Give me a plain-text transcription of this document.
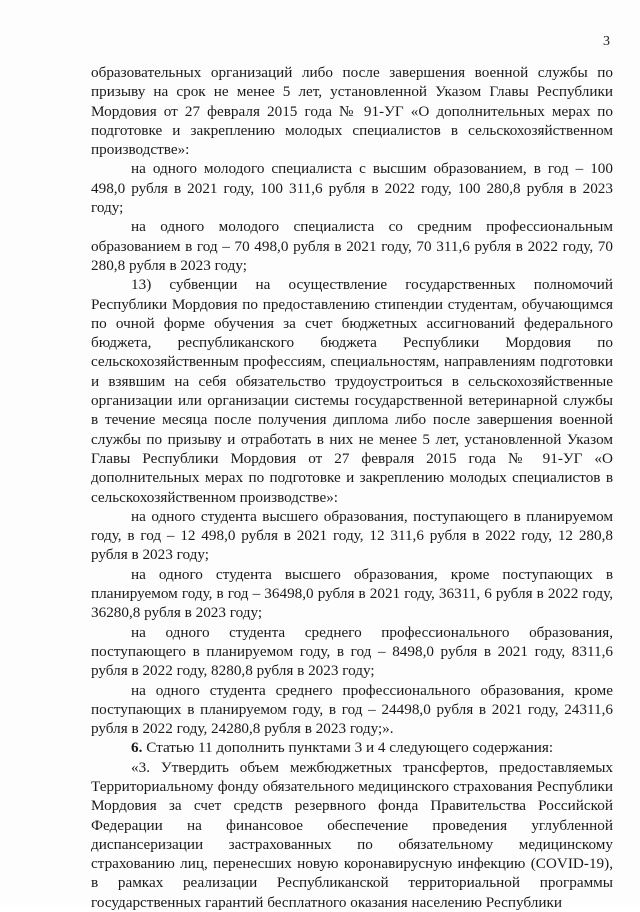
3

образовательных организаций либо после завершения военной службы по призыву на срок не менее 5 лет, установленной Указом Главы Республики Мордовия от 27 февраля 2015 года № 91-УГ «О дополнительных мерах по подготовке и закреплению молодых специалистов в сельскохозяйственном производстве»:

на одного молодого специалиста с высшим образованием, в год – 100 498,0 рубля в 2021 году, 100 311,6 рубля в 2022 году, 100 280,8 рубля в 2023 году;

на одного молодого специалиста со средним профессиональным образованием в год – 70 498,0 рубля в 2021 году, 70 311,6 рубля в 2022 году, 70 280,8 рубля в 2023 году;

13) субвенции на осуществление государственных полномочий Республики Мордовия по предоставлению стипендии студентам, обучающимся по очной форме обучения за счет бюджетных ассигнований федерального бюджета, республиканского бюджета Республики Мордовия по сельскохозяйственным профессиям, специальностям, направлениям подготовки и взявшим на себя обязательство трудоустроиться в сельскохозяйственные организации или организации системы государственной ветеринарной службы в течение месяца после получения диплома либо после завершения военной службы по призыву и отработать в них не менее 5 лет, установленной Указом Главы Республики Мордовия от 27 февраля 2015 года № 91-УГ «О дополнительных мерах по подготовке и закреплению молодых специалистов в сельскохозяйственном производстве»:

на одного студента высшего образования, поступающего в планируемом году, в год – 12 498,0 рубля в 2021 году, 12 311,6 рубля в 2022 году, 12 280,8 рубля в 2023 году;

на одного студента высшего образования, кроме поступающих в планируемом году, в год – 36498,0 рубля в 2021 году, 36311, 6 рубля в 2022 году, 36280,8 рубля в 2023 году;

на одного студента среднего профессионального образования, поступающего в планируемом году, в год – 8498,0 рубля в 2021 году, 8311,6 рубля в 2022 году, 8280,8 рубля в 2023 году;

на одного студента среднего профессионального образования, кроме поступающих в планируемом году, в год – 24498,0 рубля в 2021 году, 24311,6 рубля в 2022 году, 24280,8 рубля в 2023 году;».

6. Статью 11 дополнить пунктами 3 и 4 следующего содержания:

«3. Утвердить объем межбюджетных трансфертов, предоставляемых Территориальному фонду обязательного медицинского страхования Республики Мордовия за счет средств резервного фонда Правительства Российской Федерации на финансовое обеспечение проведения углубленной диспансеризации застрахованных по обязательному медицинскому страхованию лиц, перенесших новую коронавирусную инфекцию (COVID-19), в рамках реализации Республиканской территориальной программы государственных гарантий бесплатного оказания населению Республики
